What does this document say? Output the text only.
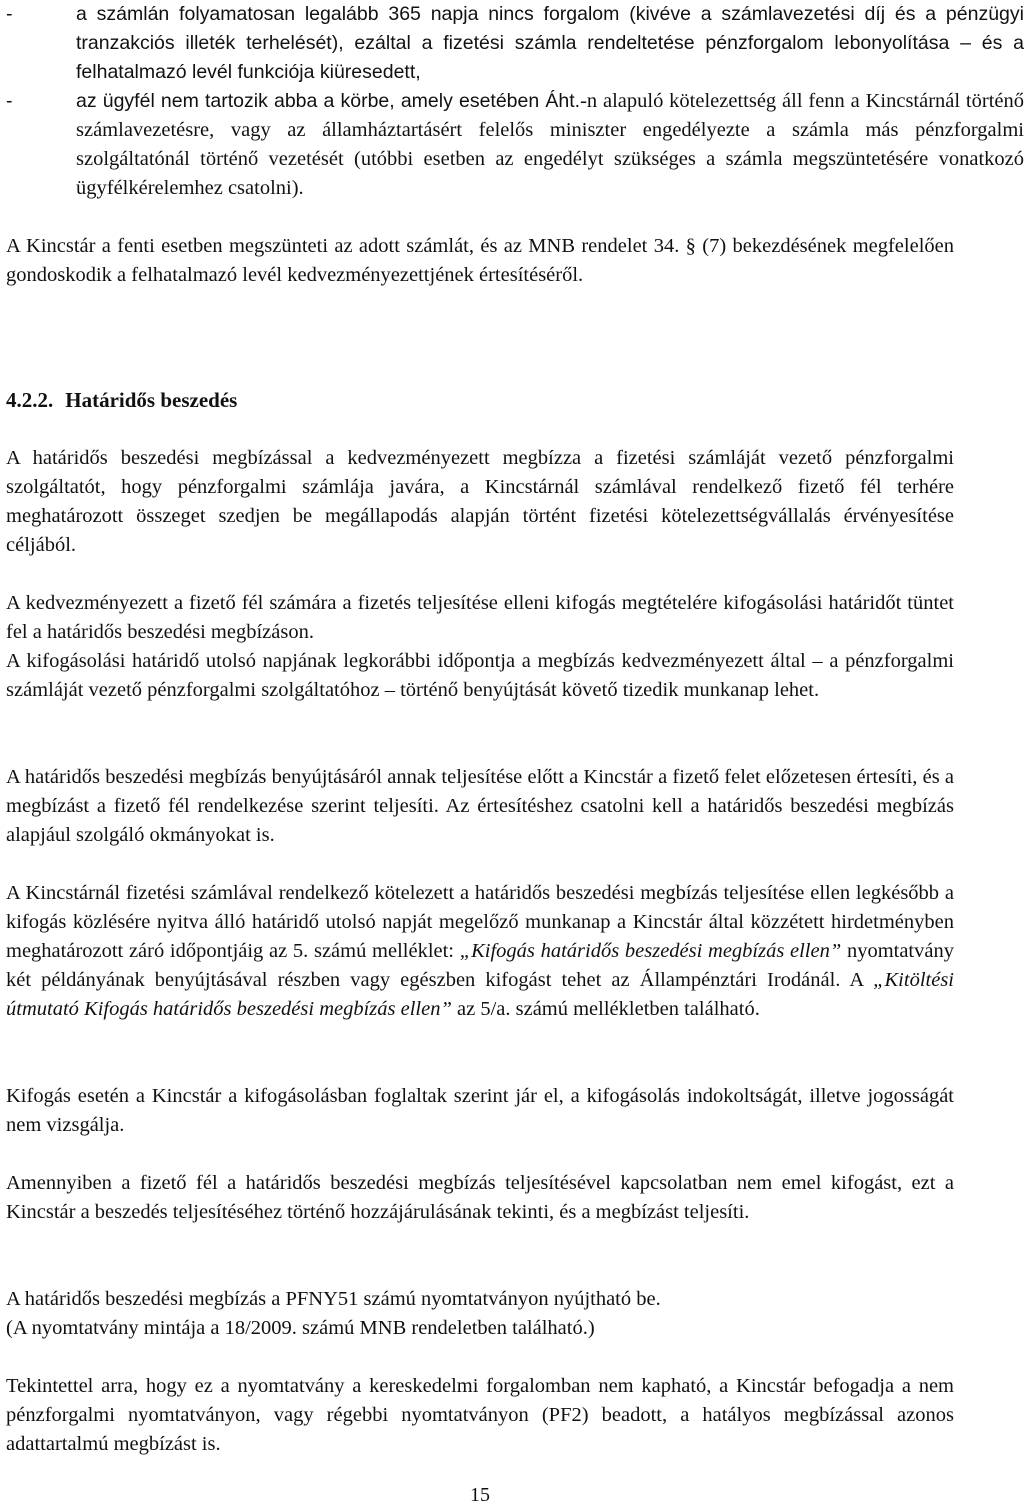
-	a számlán folyamatosan legalább 365 napja nincs forgalom (kivéve a számlavezetési díj és a pénzügyi tranzakciós illeték terhelését), ezáltal a fizetési számla rendeltetése pénzforgalom lebonyolítása – és a felhatalmazó levél funkciója kiüresedett,
-	az ügyfél nem tartozik abba a körbe, amely esetében Áht.-n alapuló kötelezettség áll fenn a Kincstárnál történő számlavezetésre, vagy az államháztartásért felelős miniszter engedélyezte a számla más pénzforgalmi szolgáltatónál történő vezetését (utóbbi esetben az engedélyt szükséges a számla megszüntetésére vonatkozó ügyfélkérelemhez csatolni).

A Kincstár a fenti esetben megszünteti az adott számlát, és az MNB rendelet 34. § (7) bekezdésének megfelelően gondoskodik a felhatalmazó levél kedvezményezettjének értesítéséről.

4.2.2. Határidős beszedés

A határidős beszedési megbízással a kedvezményezett megbízza a fizetési számláját vezető pénzforgalmi szolgáltatót, hogy pénzforgalmi számlája javára, a Kincstárnál számlával rendelkező fizető fél terhére meghatározott összeget szedjen be megállapodás alapján történt fizetési kötelezettségvállalás érvényesítése céljából.

A kedvezményezett a fizető fél számára a fizetés teljesítése elleni kifogás megtételére kifogásolási határidőt tüntet fel a határidős beszedési megbízáson.

A kifogásolási határidő utolsó napjának legkorábbi időpontja a megbízás kedvezményezett által – a pénzforgalmi számláját vezető pénzforgalmi szolgáltatóhoz – történő benyújtását követő tizedik munkanap lehet.

A határidős beszedési megbízás benyújtásáról annak teljesítése előtt a Kincstár a fizető felet előzetesen értesíti, és a megbízást a fizető fél rendelkezése szerint teljesíti. Az értesítéshez csatolni kell a határidős beszedési megbízás alapjául szolgáló okmányokat is.

A Kincstárnál fizetési számlával rendelkező kötelezett a határidős beszedési megbízás teljesítése ellen legkésőbb a kifogás közlésére nyitva álló határidő utolsó napját megelőző munkanap a Kincstár által közzétett hirdetményben meghatározott záró időpontjáig az 5. számú melléklet: „Kifogás határidős beszedési megbízás ellen” nyomtatvány két példányának benyújtásával részben vagy egészben kifogást tehet az Állampénztári Irodánál. A „Kitöltési útmutató Kifogás határidős beszedési megbízás ellen” az 5/a. számú mellékletben található.

Kifogás esetén a Kincstár a kifogásolásban foglaltak szerint jár el, a kifogásolás indokoltságát, illetve jogosságát nem vizsgálja.

Amennyiben a fizető fél a határidős beszedési megbízás teljesítésével kapcsolatban nem emel kifogást, ezt a Kincstár a beszedés teljesítéséhez történő hozzájárulásának tekinti, és a megbízást teljesíti.

A határidős beszedési megbízás a PFNY51 számú nyomtatványon nyújtható be.

(A nyomtatvány mintája a 18/2009. számú MNB rendeletben található.)

Tekintettel arra, hogy ez a nyomtatvány a kereskedelmi forgalomban nem kapható, a Kincstár befogadja a nem pénzforgalmi nyomtatványon, vagy régebbi nyomtatványon (PF2) beadott, a hatályos megbízással azonos adattartalmú megbízást is.

15
